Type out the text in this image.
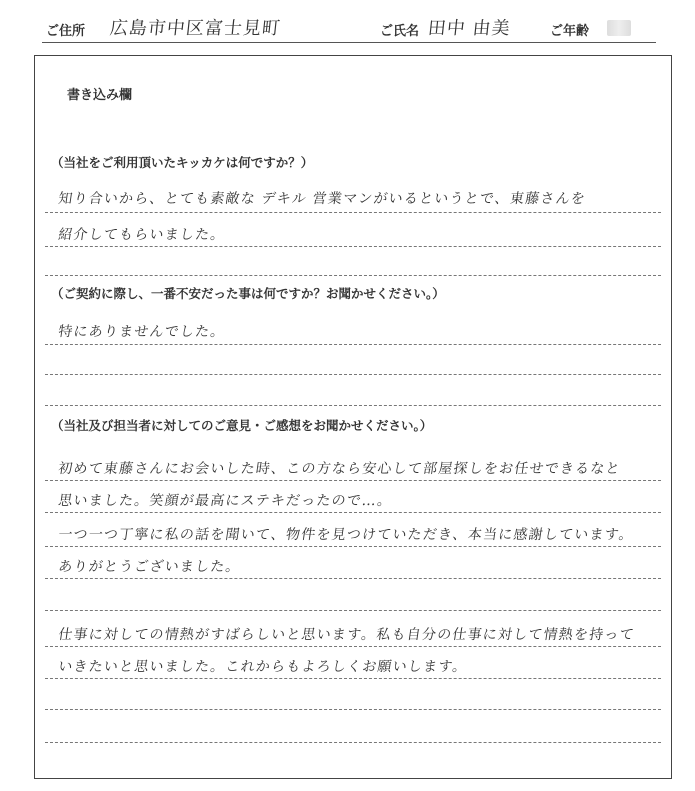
ご住所 広島市中区富士見町	ご氏名 田中 由美	ご年齢
書き込み欄
（当社をご利用頂いたキッカケは何ですか？）
知り合いから、とても素敵な デキル 営業マンがいるというとで、東藤さんを
紹介してもらいました。
（ご契約に際し、一番不安だった事は何ですか？お聞かせください。）
特にありませんでした。
（当社及び担当者に対してのご意見・ご感想をお聞かせください。）
初めて東藤さんにお会いした時、この方なら安心して部屋探しをお任せできるなと
思いました。笑顔が最高にステキだったので…。
一つ一つ丁寧に私の話を聞いて、物件を見つけていただき、本当に感謝しています。
ありがとうございました。
仕事に対しての情熱がすばらしいと思います。私も自分の仕事に対して情熱を持って
いきたいと思いました。これからもよろしくお願いします。
